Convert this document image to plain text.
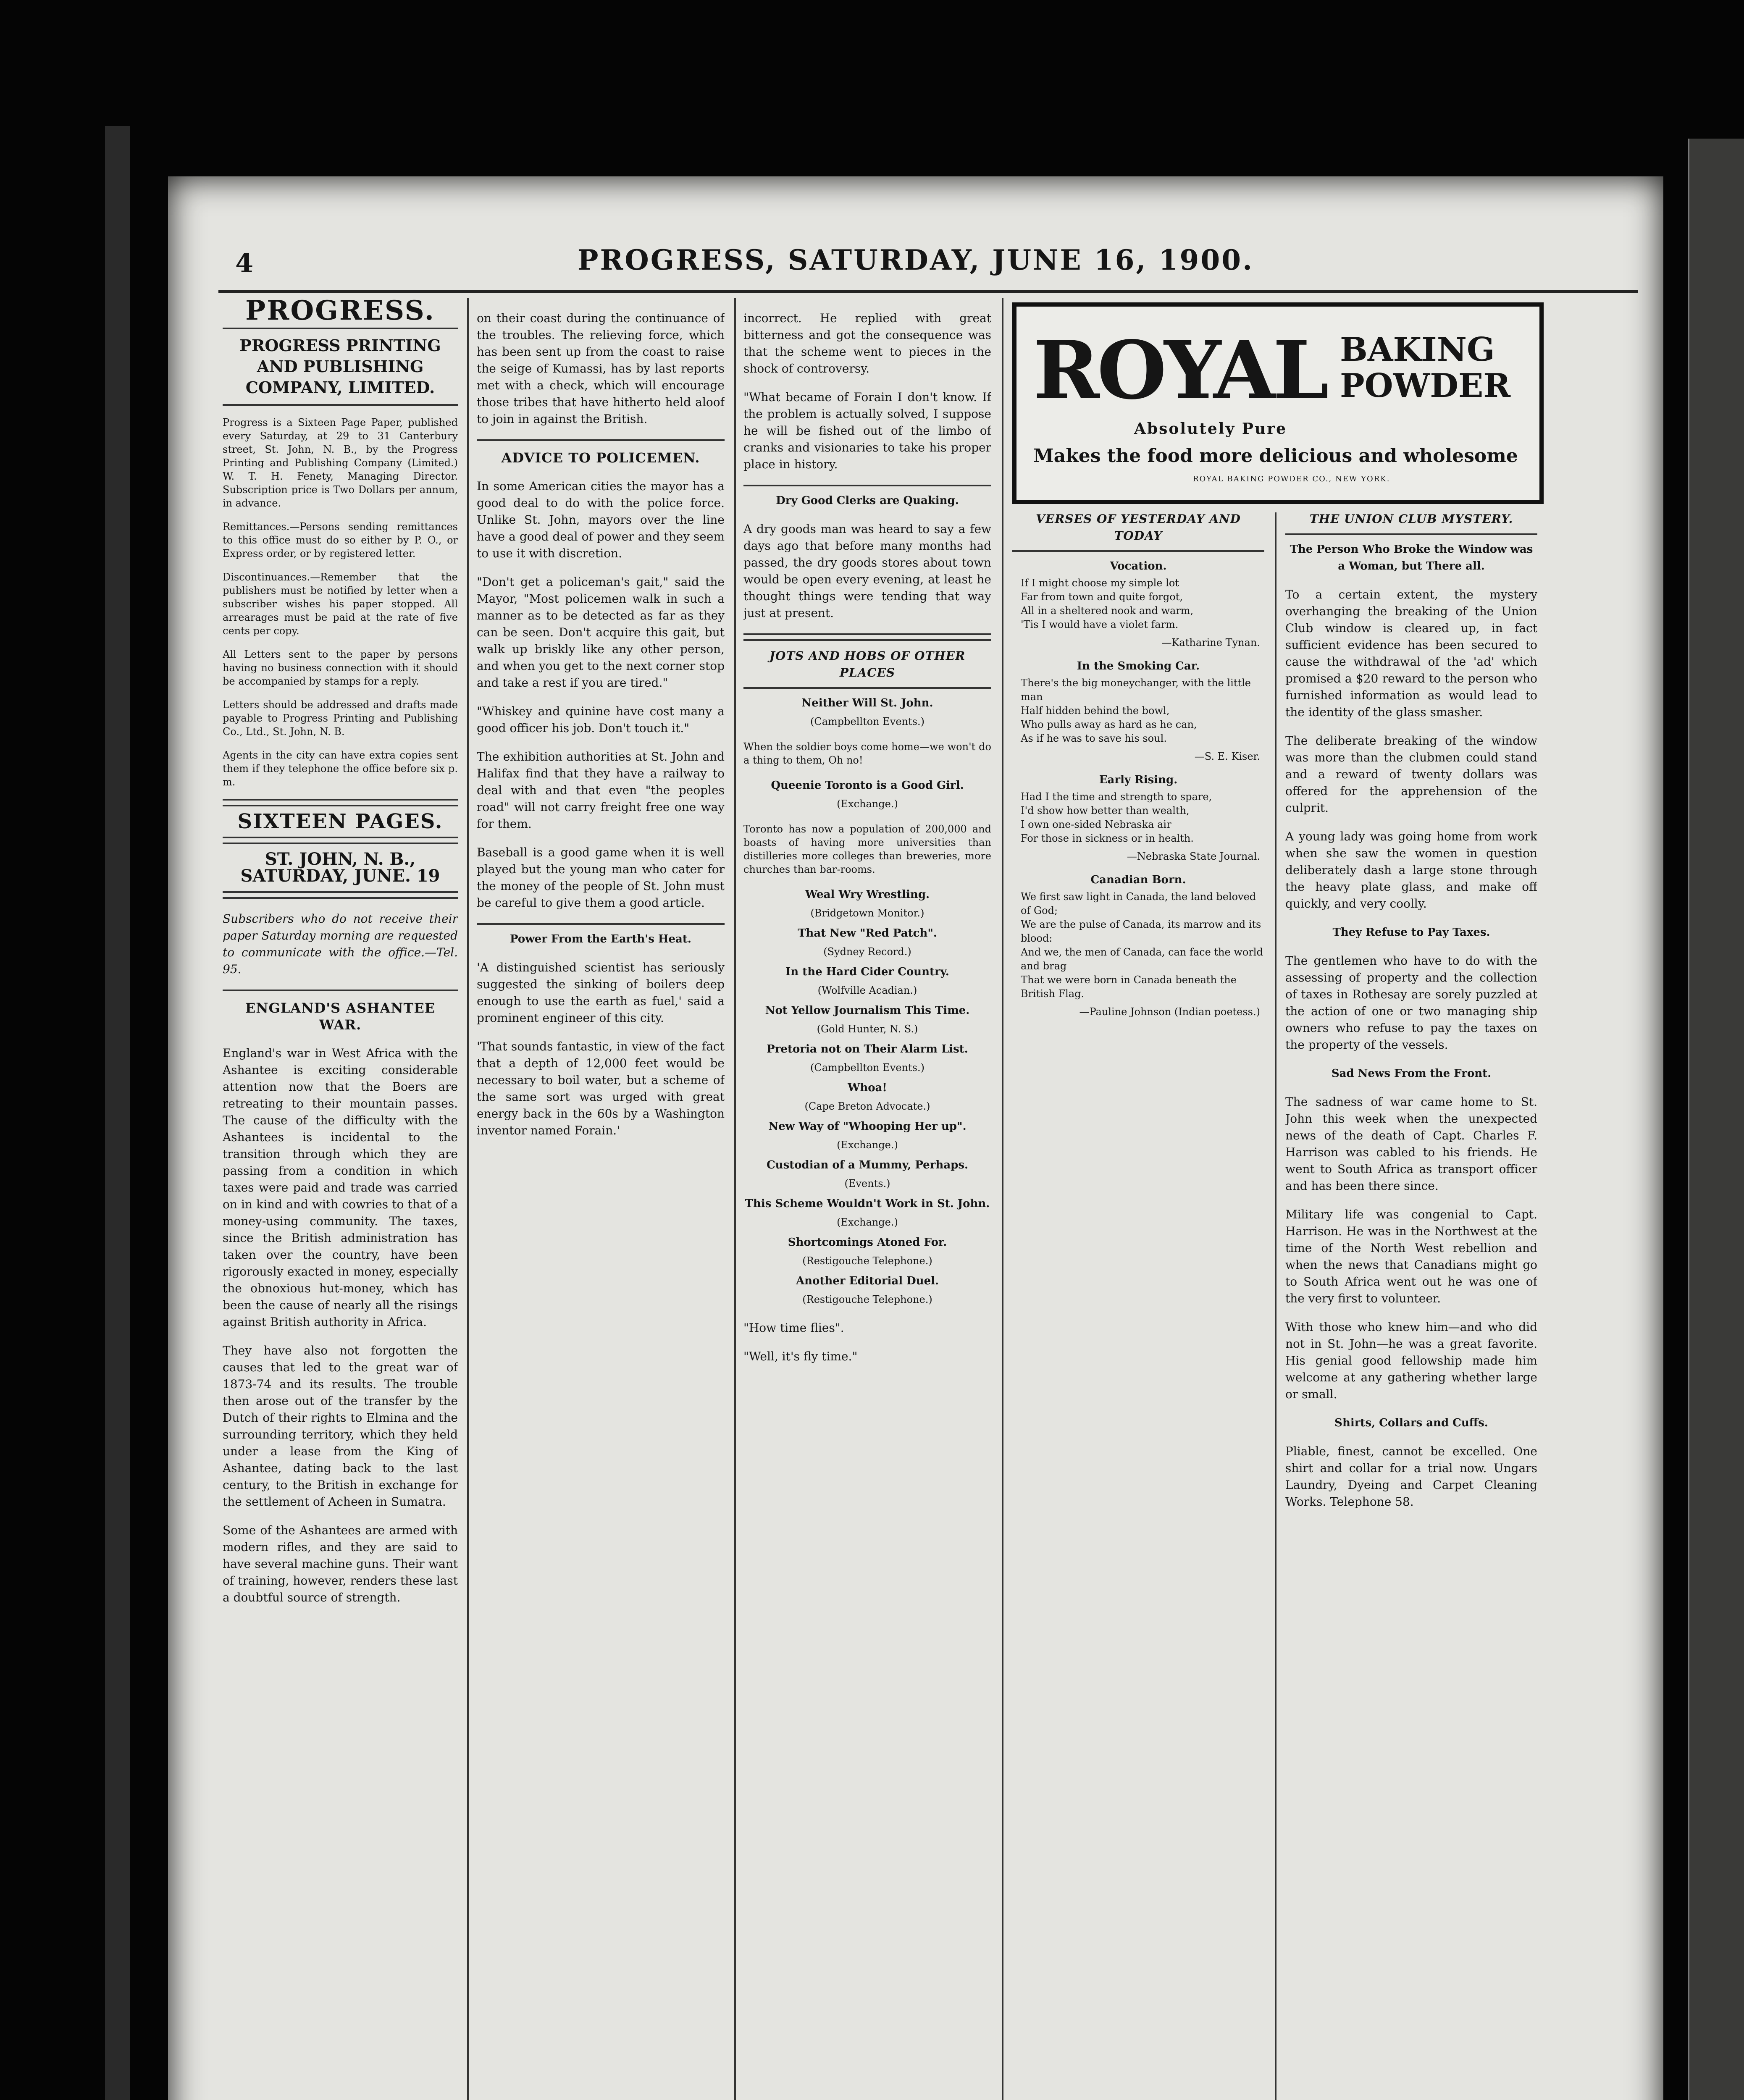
4	PROGRESS, SATURDAY, JUNE 16, 1900.
PROGRESS.
PROGRESS PRINTING AND PUBLISHING COMPANY, LIMITED.

Progress is a Sixteen Page Paper, published every Saturday, at 29 to 31 Canterbury street, St. John, N. B., by the Progress Printing and Publishing Company (Limited.) W. T. H. Fenety, Managing Director. Subscription price is Two Dollars per annum, in advance.

Remittances.—Persons sending remittances to this office must do so either by P. O., or Express order, or by registered letter.

Discontinuances.—Remember that the publishers must be notified by letter when a subscriber wishes his paper stopped. All arrearages must be paid at the rate of five cents per copy.

All Letters sent to the paper by persons having no business connection with it should be accompanied by stamps for a reply.

Letters should be addressed and drafts made payable to Progress Printing and Publishing Co., Ltd., St. John, N. B.

Agents in the city can have extra copies sent them if they telephone the office before six p. m.

SIXTEEN PAGES.
ST. JOHN, N. B., SATURDAY, JUNE. 19

Subscribers who do not receive their paper Saturday morning are requested to communicate with the office.—Tel. 95.

ENGLAND'S ASHANTEE WAR.

England's war in West Africa with the Ashantee is exciting considerable attention now that the Boers are retreating to their mountain passes. The cause of the difficulty with the Ashantees is incidental to the transition through which they are passing from a condition in which taxes were paid and trade was carried on in kind and with cowries to that of a money-using community. The taxes, since the British administration has taken over the country, have been rigorously exacted in money, especially the obnoxious hut-money, which has been the cause of nearly all the risings against British authority in Africa.

They have also not forgotten the causes that led to the great war of 1873-74 and its results. The trouble then arose out of the transfer by the Dutch of their rights to Elmina and the surrounding territory, which they held under a lease from the King of Ashantee, dating back to the last century, to the British in exchange for the settlement of Acheen in Sumatra.

Some of the Ashantees are armed with modern rifles, and they are said to have several machine guns. Their want of training, however, renders these last a doubtful source of strength.

on their coast during the continuance of the troubles. The relieving force, which has been sent up from the coast to raise the seige of Kumassi, has by last reports met with a check, which will encourage those tribes that have hitherto held aloof to join in against the British.

ADVICE TO POLICEMEN.

In some American cities the mayor has a good deal to do with the police force. Unlike St. John, mayors over the line have a good deal of power and they seem to use it with discretion.

"Don't get a policeman's gait," said the Mayor, "Most policemen walk in such a manner as to be detected as far as they can be seen. Don't acquire this gait, but walk up briskly like any other person, and when you get to the next corner stop and take a rest if you are tired."

"Whiskey and quinine have cost many a good officer his job. Don't touch it."

The exhibition authorities at St. John and Halifax find that they have a railway to deal with and that even "the peoples road" will not carry freight free one way for them.

Baseball is a good game when it is well played but the young man who cater for the money of the people of St. John must be careful to give them a good article.

Power From the Earth's Heat.

'A distinguished scientist has seriously suggested the sinking of boilers deep enough to use the earth as fuel,' said a prominent engineer of this city.

'That sounds fantastic, in view of the fact that a depth of 12,000 feet would be necessary to boil water, but a scheme of the same sort was urged with great energy back in the 60s by a Washington inventor named Forain.'

incorrect. He replied with great bitterness and got the consequence was that the scheme went to pieces in the shock of controversy.

"What became of Forain I don't know. If the problem is actually solved, I suppose he will be fished out of the limbo of cranks and visionaries to take his proper place in history.

Dry Good Clerks are Quaking.

A dry goods man was heard to say a few days ago that before many months had passed, the dry goods stores about town would be open every evening, at least he thought things were tending that way just at present.

JOTS AND HOBS OF OTHER PLACES
Neither Will St. John.
(Campbellton Events.)

When the soldier boys come home—we won't do a thing to them, Oh no!

Queenie Toronto is a Good Girl.
(Exchange.)

Toronto has now a population of 200,000 and boasts of having more universities than distilleries more colleges than breweries, more churches than bar-rooms.

Weal Wry Wrestling.
(Bridgetown Monitor.)
That New "Red Patch".
(Sydney Record.)
In the Hard Cider Country.
(Wolfville Acadian.)
Not Yellow Journalism This Time.
(Gold Hunter, N. S.)
Pretoria not on Their Alarm List.
(Campbellton Events.)
Whoa!
(Cape Breton Advocate.)
New Way of "Whooping Her up".
(Exchange.)
Custodian of a Mummy, Perhaps.
(Events.)
This Scheme Wouldn't Work in St. John.
(Exchange.)
Shortcomings Atoned For.
(Restigouche Telephone.)
Another Editorial Duel.
(Restigouche Telephone.)

"How time flies".

"Well, it's fly time."

ROYAL BAKING
POWDER
Absolutely Pure
Makes the food more delicious and wholesome
ROYAL BAKING POWDER CO., NEW YORK.
VERSES OF YESTERDAY AND TODAY
Vocation.
If I might choose my simple lot
Far from town and quite forgot,
All in a sheltered nook and warm,
'Tis I would have a violet farm.
—Katharine Tynan.
In the Smoking Car.
There's the big moneychanger, with the little man
Half hidden behind the bowl,
Who pulls away as hard as he can,
As if he was to save his soul.
—S. E. Kiser.
Early Rising.
Had I the time and strength to spare,
I'd show how better than wealth,
I own one-sided Nebraska air
For those in sickness or in health.
—Nebraska State Journal.
Canadian Born.
We first saw light in Canada, the land beloved of God;
We are the pulse of Canada, its marrow and its blood:
And we, the men of Canada, can face the world and brag
That we were born in Canada beneath the British Flag.
—Pauline Johnson (Indian poetess.)
THE UNION CLUB MYSTERY.
The Person Who Broke the Window was a Woman, but There all.

To a certain extent, the mystery overhanging the breaking of the Union Club window is cleared up, in fact sufficient evidence has been secured to cause the withdrawal of the 'ad' which promised a $20 reward to the person who furnished information as would lead to the identity of the glass smasher.

The deliberate breaking of the window was more than the clubmen could stand and a reward of twenty dollars was offered for the apprehension of the culprit.

A young lady was going home from work when she saw the women in question deliberately dash a large stone through the heavy plate glass, and make off quickly, and very coolly.

They Refuse to Pay Taxes.

The gentlemen who have to do with the assessing of property and the collection of taxes in Rothesay are sorely puzzled at the action of one or two managing ship owners who refuse to pay the taxes on the property of the vessels.

Sad News From the Front.

The sadness of war came home to St. John this week when the unexpected news of the death of Capt. Charles F. Harrison was cabled to his friends. He went to South Africa as transport officer and has been there since.

Military life was congenial to Capt. Harrison. He was in the Northwest at the time of the North West rebellion and when the news that Canadians might go to South Africa went out he was one of the very first to volunteer.

With those who knew him—and who did not in St. John—he was a great favorite. His genial good fellowship made him welcome at any gathering whether large or small.

Shirts, Collars and Cuffs.

Pliable, finest, cannot be excelled. One shirt and collar for a trial now. Ungars Laundry, Dyeing and Carpet Cleaning Works. Telephone 58.
